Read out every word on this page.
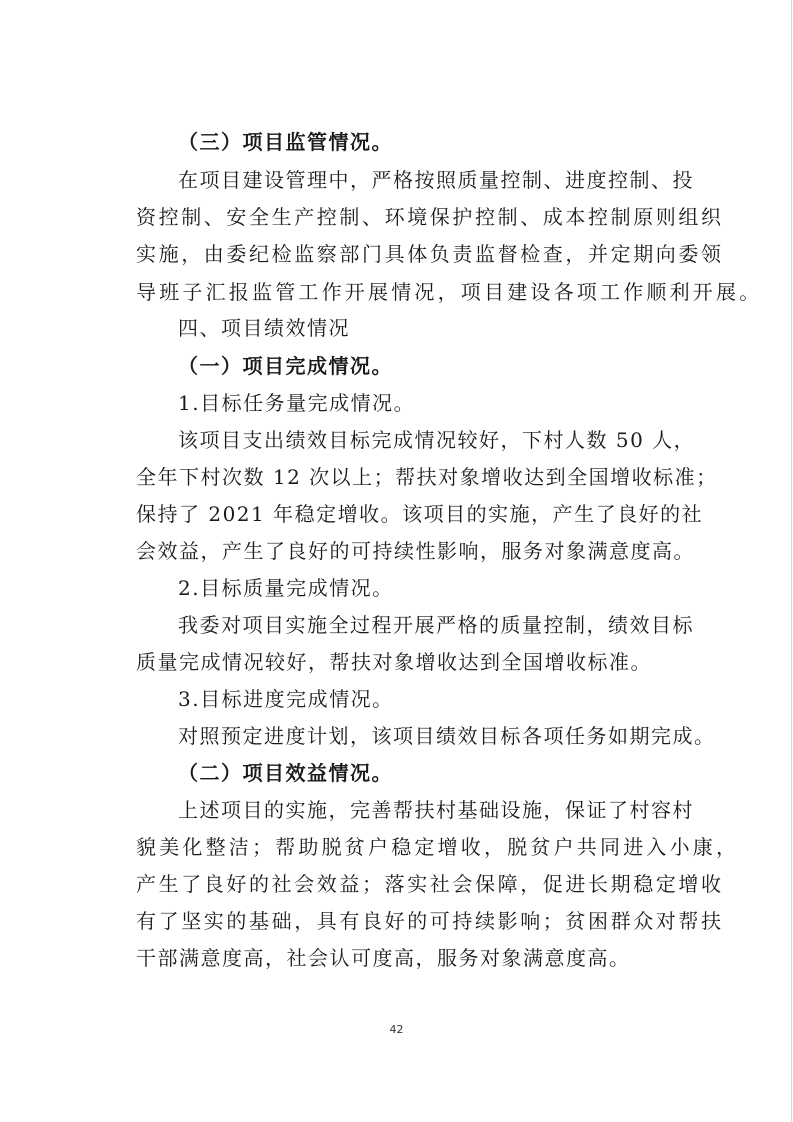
（三）项目监管情况。
在项目建设管理中，严格按照质量控制、进度控制、投
资控制、安全生产控制、环境保护控制、成本控制原则组织
实施，由委纪检监察部门具体负责监督检查，并定期向委领
导班子汇报监管工作开展情况，项目建设各项工作顺利开展。
四、项目绩效情况
（一）项目完成情况。
1.目标任务量完成情况。
该项目支出绩效目标完成情况较好，下村人数 50 人，
全年下村次数 12 次以上；帮扶对象增收达到全国增收标准；
保持了 2021 年稳定增收。该项目的实施，产生了良好的社
会效益，产生了良好的可持续性影响，服务对象满意度高。
2.目标质量完成情况。
我委对项目实施全过程开展严格的质量控制，绩效目标
质量完成情况较好，帮扶对象增收达到全国增收标准。
3.目标进度完成情况。
对照预定进度计划，该项目绩效目标各项任务如期完成。
（二）项目效益情况。
上述项目的实施，完善帮扶村基础设施，保证了村容村
貌美化整洁；帮助脱贫户稳定增收，脱贫户共同进入小康，
产生了良好的社会效益；落实社会保障，促进长期稳定增收
有了坚实的基础，具有良好的可持续影响；贫困群众对帮扶
干部满意度高，社会认可度高，服务对象满意度高。
42
